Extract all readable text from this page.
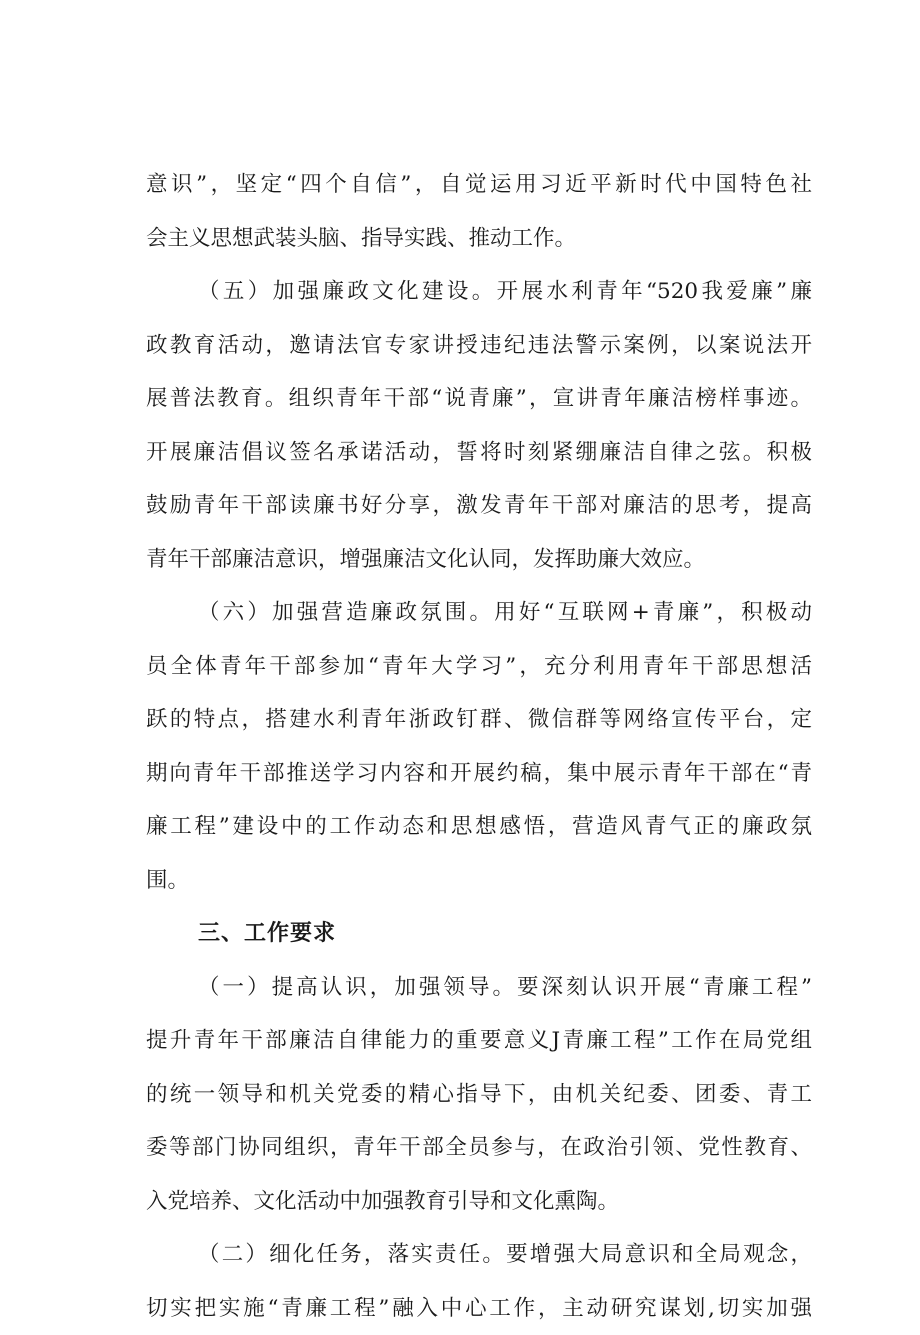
意识”，坚定“四个自信”，自觉运用习近平新时代中国特色社
会主义思想武装头脑、指导实践、推动工作。
（五）加强廉政文化建设。开展水利青年“520我爱廉”廉
政教育活动，邀请法官专家讲授违纪违法警示案例，以案说法开
展普法教育。组织青年干部“说青廉”，宣讲青年廉洁榜样事迹。
开展廉洁倡议签名承诺活动，誓将时刻紧绷廉洁自律之弦。积极
鼓励青年干部读廉书好分享，激发青年干部对廉洁的思考，提高
青年干部廉洁意识，增强廉洁文化认同，发挥助廉大效应。
（六）加强营造廉政氛围。用好“互联网+青廉”，积极动
员全体青年干部参加“青年大学习”，充分利用青年干部思想活
跃的特点，搭建水利青年浙政钉群、微信群等网络宣传平台，定
期向青年干部推送学习内容和开展约稿，集中展示青年干部在“青
廉工程”建设中的工作动态和思想感悟，营造风青气正的廉政氛
围。
三、工作要求
（一）提高认识，加强领导。要深刻认识开展“青廉工程”
提升青年干部廉洁自律能力的重要意义J青廉工程”工作在局党组
的统一领导和机关党委的精心指导下，由机关纪委、团委、青工
委等部门协同组织，青年干部全员参与，在政治引领、党性教育、
入党培养、文化活动中加强教育引导和文化熏陶。
（二）细化任务，落实责任。要增强大局意识和全局观念，
切实把实施“青廉工程”融入中心工作，主动研究谋划,切实加强
